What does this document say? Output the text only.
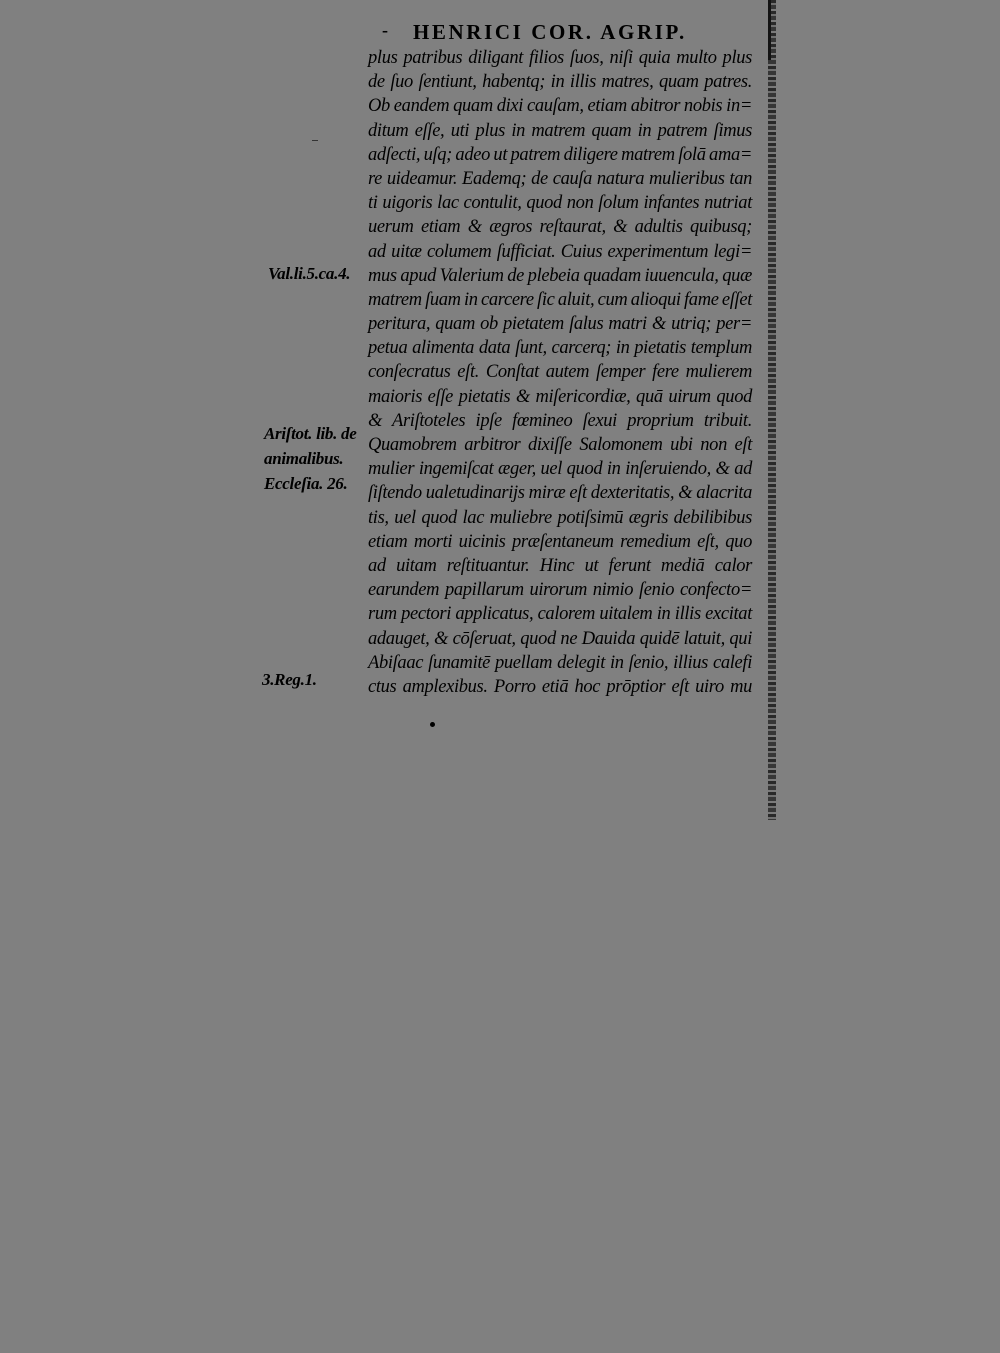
- HENRICI COR. AGRIP.
plus patribus diligant filios ſuos, niſi quia multo plus
de ſuo ſentiunt, habentq; in illis matres, quam patres.
Ob eandem quam dixi cauſam, etiam abitror nobis in=
ditum eſſe, uti plus in matrem quam in patrem ſimus
adſecti, uſq; adeo ut patrem diligere matrem ſolā ama=
re uideamur. Eademq; de cauſa natura mulieribus tan
ti uigoris lac contulit, quod non ſolum infantes nutriat
uerum etiam & ægros reſtaurat, & adultis quibusq;
ad uitæ columem ſufficiat. Cuius experimentum legi=
mus apud Valerium de plebeia quadam iuuencula, quæ
matrem ſuam in carcere ſic aluit, cum alioqui fame eſſet
peritura, quam ob pietatem ſalus matri & utriq; per=
petua alimenta data ſunt, carcerq; in pietatis templum
conſecratus eſt. Conſtat autem ſemper fere mulierem
maioris eſſe pietatis & miſericordiæ, quā uirum quod
& Ariſtoteles ipſe fœmineo ſexui proprium tribuit.
Quamobrem arbitror dixiſſe Salomonem ubi non eſt
mulier ingemiſcat æger, uel quod in inſeruiendo, & ad
ſiſtendo ualetudinarijs miræ eſt dexteritatis, & alacrita
tis, uel quod lac muliebre potiſsimū ægris debilibibus
etiam morti uicinis præſentaneum remedium eſt, quo
ad uitam reſtituantur. Hinc ut ferunt mediā calor
earundem papillarum uirorum nimio ſenio confecto=
rum pectori applicatus, calorem uitalem in illis excitat
adauget, & cōſeruat, quod ne Dauida quidē latuit, qui
Abiſaac ſunamitē puellam delegit in ſenio, illius calefi
ctus amplexibus. Porro etiā hoc prōptior eſt uiro mu
Val.li.5.ca.4.
Ariſtot. lib. de
animalibus.
Eccleſia. 26.
3.Reg.1.
